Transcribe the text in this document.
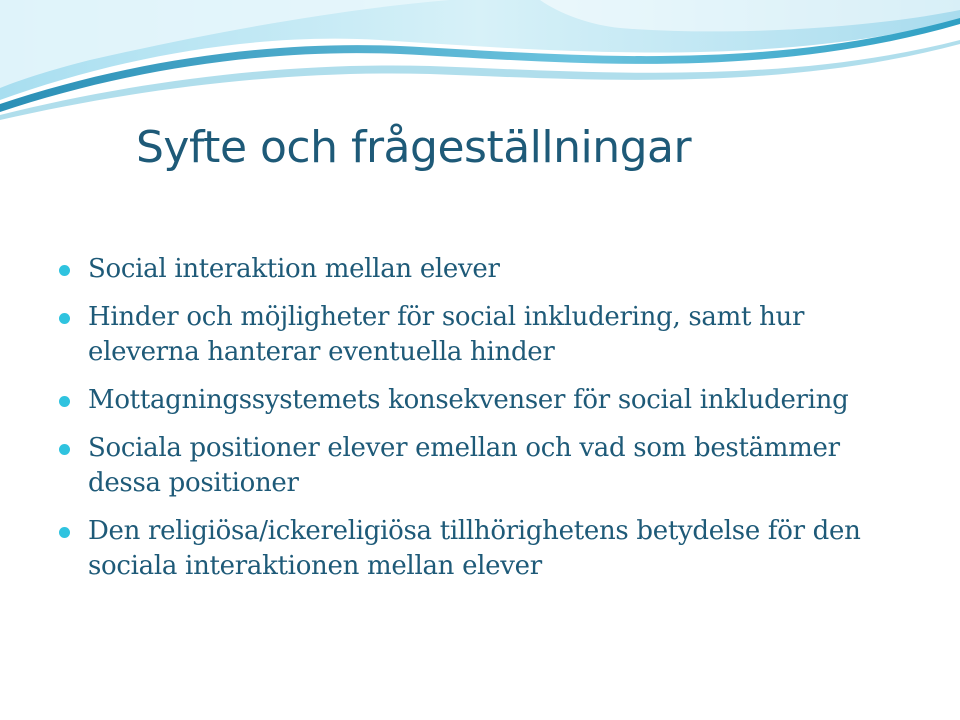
Syfte och frågeställningar
Social interaktion mellan elever
Hinder och möjligheter för social inkludering, samt hur eleverna hanterar eventuella hinder
Mottagningssystemets konsekvenser för social inkludering
Sociala positioner elever emellan och vad som bestämmer dessa positioner
Den religiösa/ickereligiösa tillhörighetens betydelse för den sociala interaktionen mellan elever
